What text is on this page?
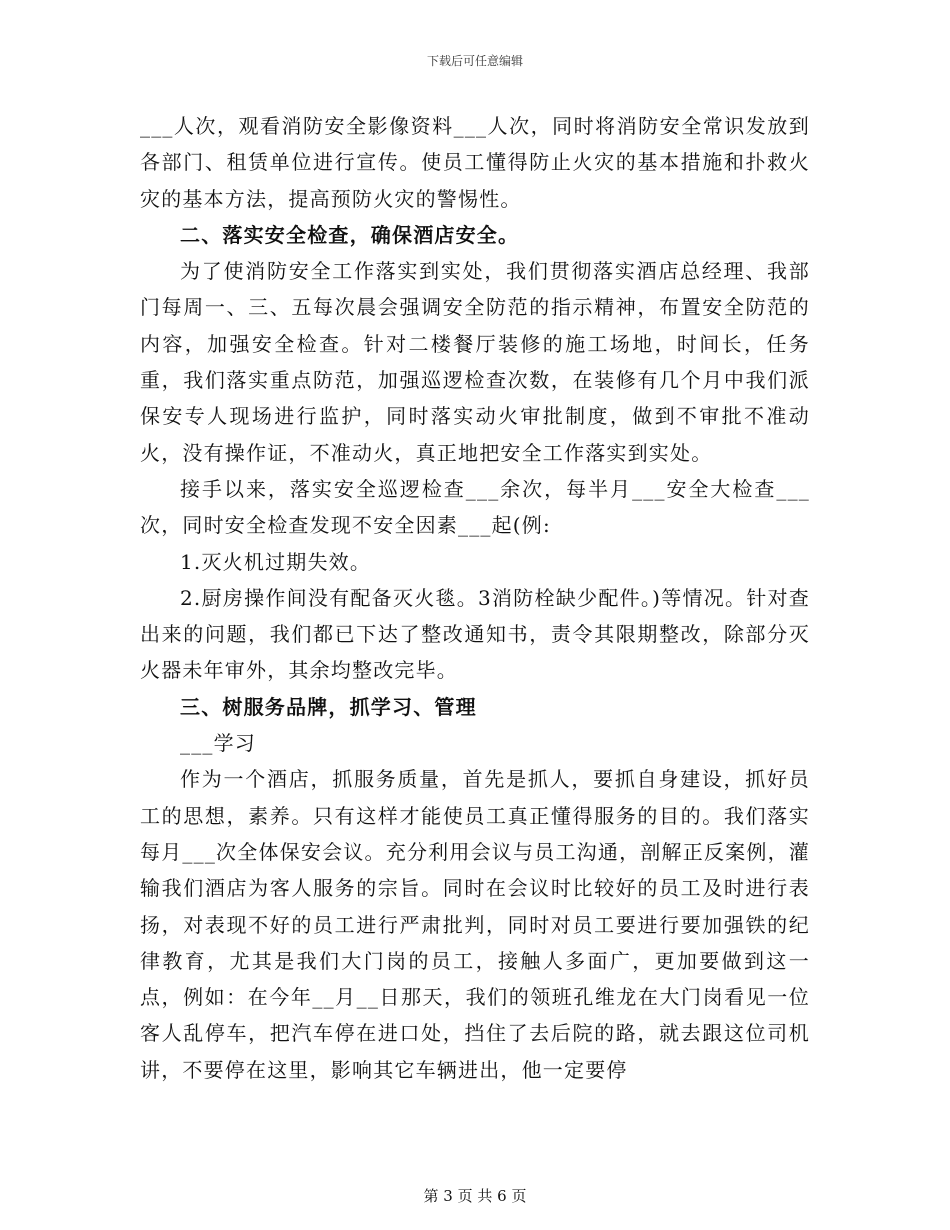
下载后可任意编辑

___人次，观看消防安全影像资料___人次，同时将消防安全常识发放到各部门、租赁单位进行宣传。使员工懂得防止火灾的基本措施和扑救火灾的基本方法，提高预防火灾的警惕性。

二、落实安全检查，确保酒店安全。

为了使消防安全工作落实到实处，我们贯彻落实酒店总经理、我部门每周一、三、五每次晨会强调安全防范的指示精神，布置安全防范的内容，加强安全检查。针对二楼餐厅装修的施工场地，时间长，任务重，我们落实重点防范，加强巡逻检查次数，在装修有几个月中我们派保安专人现场进行监护，同时落实动火审批制度，做到不审批不准动火，没有操作证，不准动火，真正地把安全工作落实到实处。

接手以来，落实安全巡逻检查___余次，每半月___安全大检查___次，同时安全检查发现不安全因素___起(例:

1.灭火机过期失效。

2.厨房操作间没有配备灭火毯。3消防栓缺少配件。)等情况。针对查出来的问题，我们都已下达了整改通知书，责令其限期整改，除部分灭火器未年审外，其余均整改完毕。

三、树服务品牌，抓学习、管理

___学习

作为一个酒店，抓服务质量，首先是抓人，要抓自身建设，抓好员工的思想，素养。只有这样才能使员工真正懂得服务的目的。我们落实每月___次全体保安会议。充分利用会议与员工沟通，剖解正反案例，灌输我们酒店为客人服务的宗旨。同时在会议时比较好的员工及时进行表扬，对表现不好的员工进行严肃批判，同时对员工要进行要加强铁的纪律教育，尤其是我们大门岗的员工，接触人多面广，更加要做到这一点，例如：在今年__月__日那天，我们的领班孔维龙在大门岗看见一位客人乱停车，把汽车停在进口处，挡住了去后院的路，就去跟这位司机讲，不要停在这里，影响其它车辆进出，他一定要停

第 3 页 共 6 页
